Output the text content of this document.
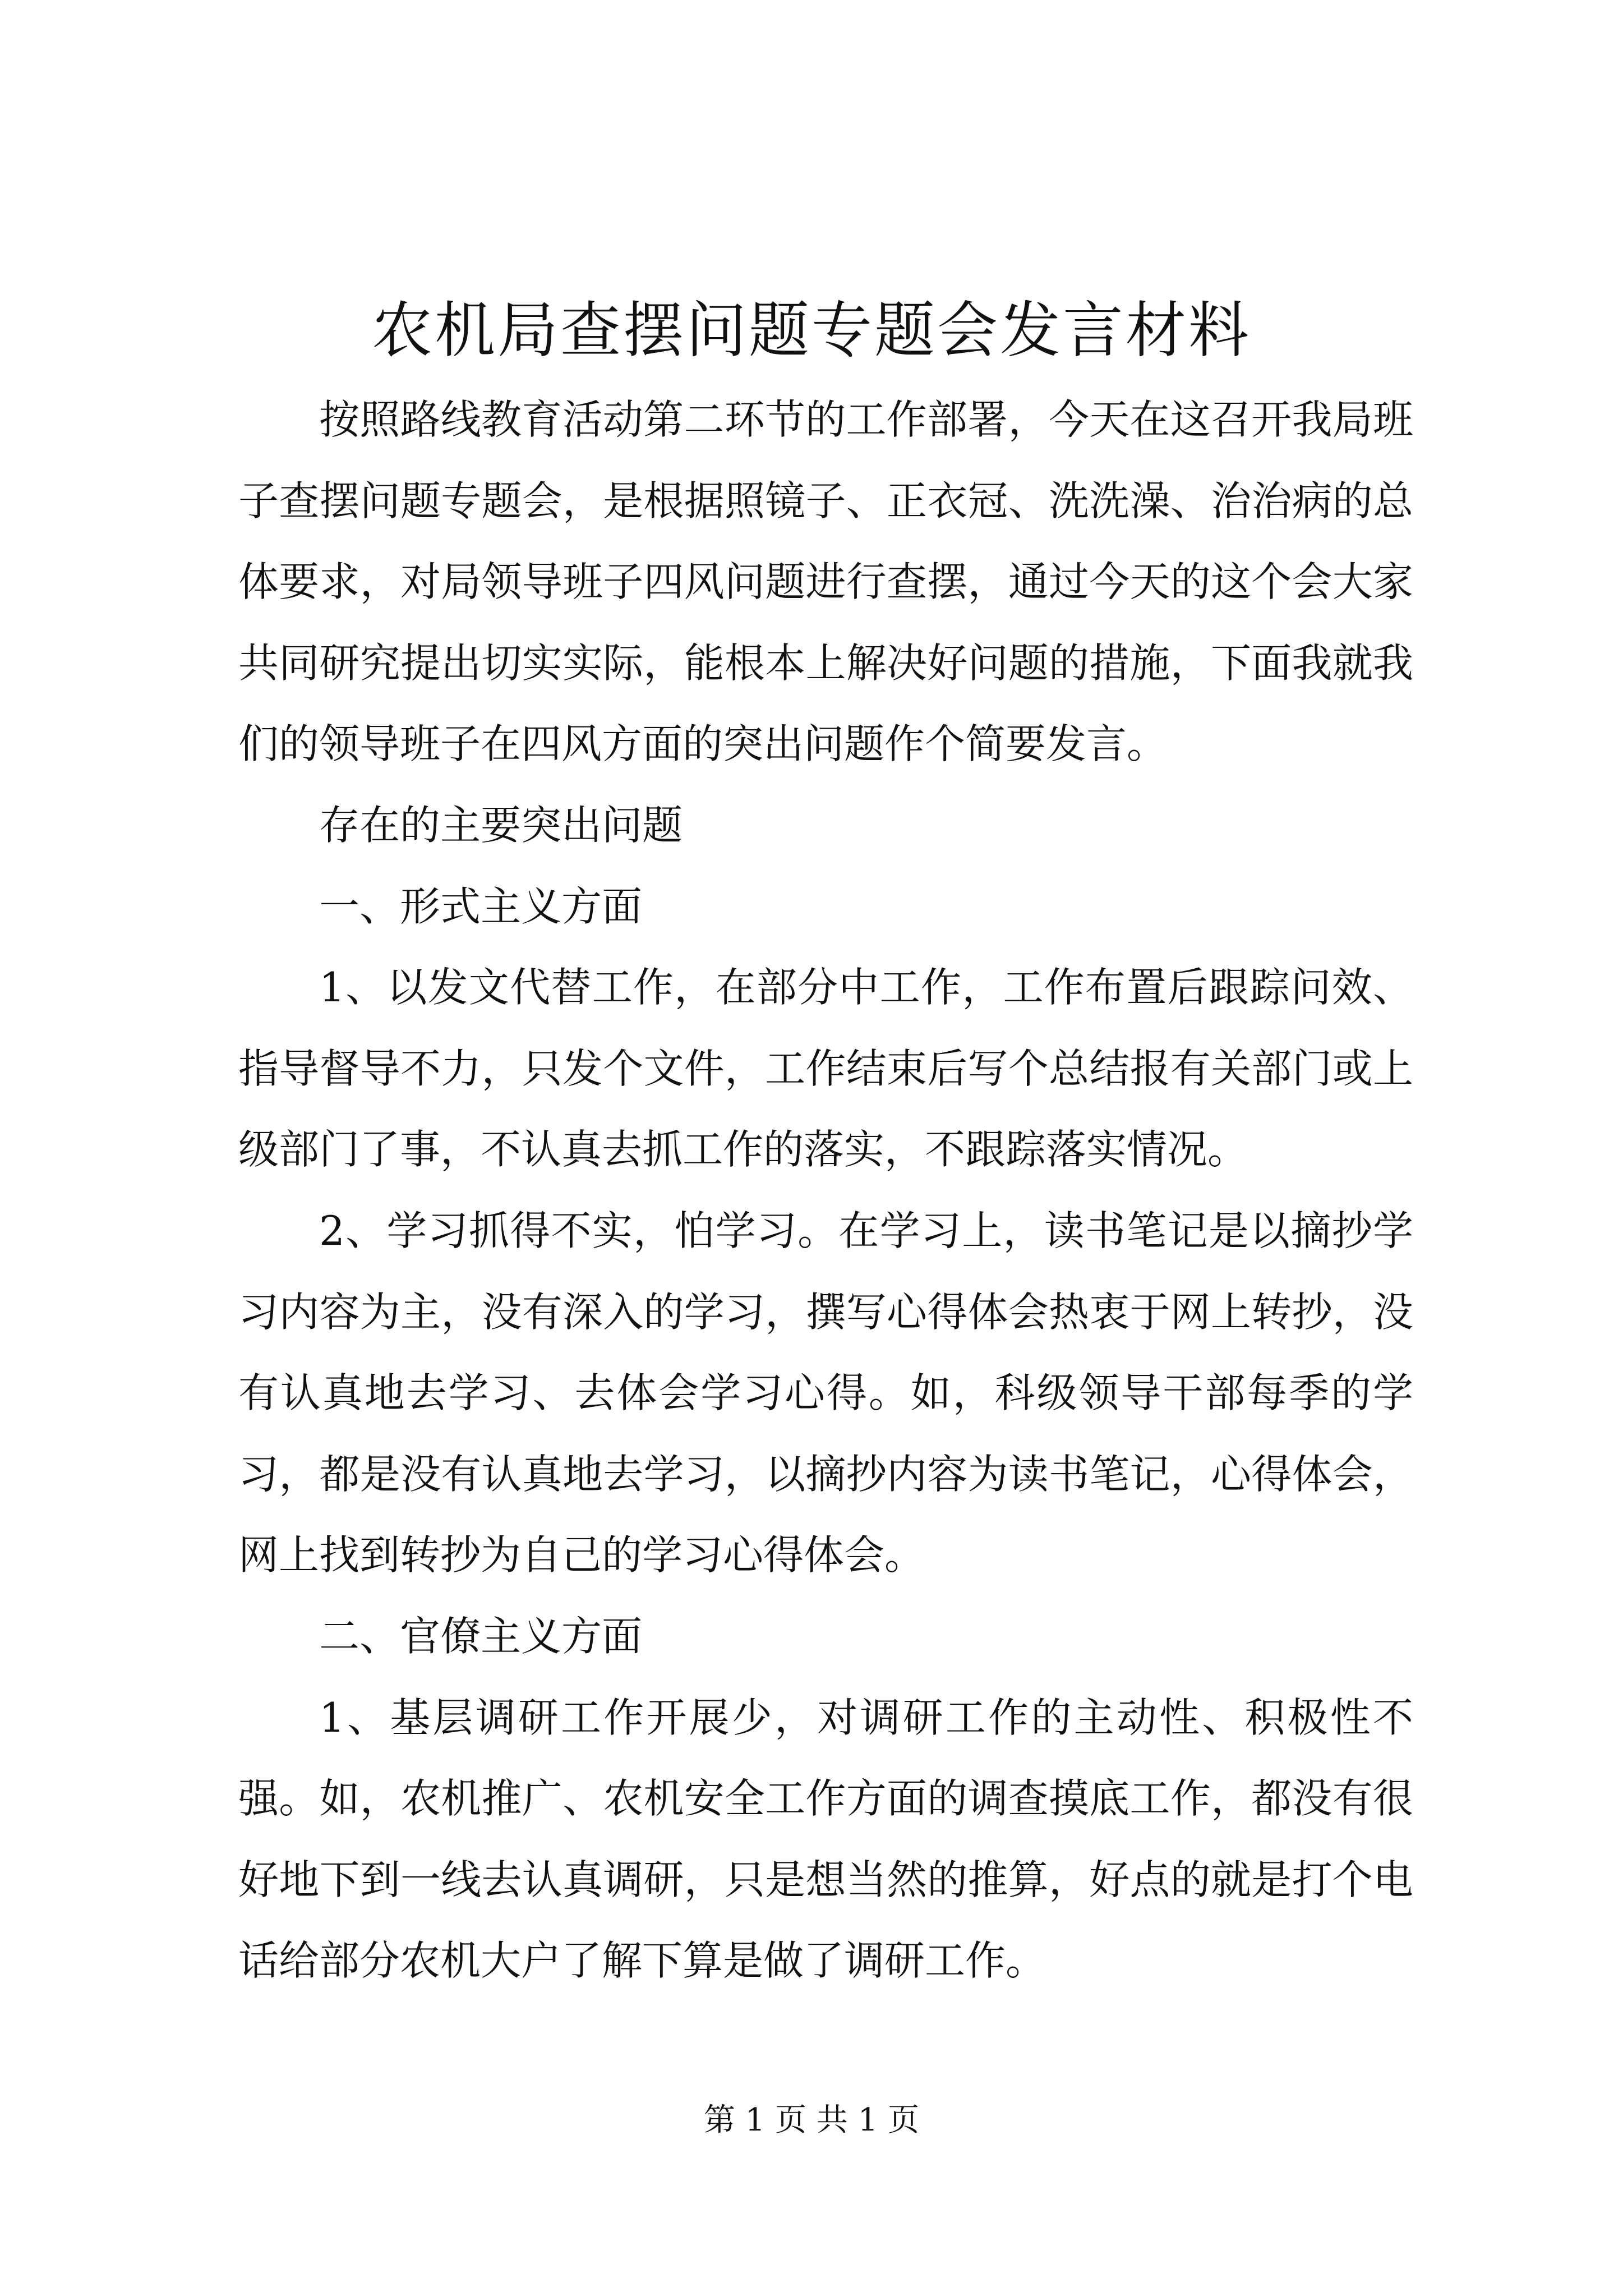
农机局查摆问题专题会发言材料

按照路线教育活动第二环节的工作部署，今天在这召开我局班子查摆问题专题会，是根据照镜子、正衣冠、洗洗澡、治治病的总体要求，对局领导班子四风问题进行查摆，通过今天的这个会大家共同研究提出切实实际，能根本上解决好问题的措施，下面我就我们的领导班子在四风方面的突出问题作个简要发言。

存在的主要突出问题

一、形式主义方面

1、以发文代替工作，在部分中工作，工作布置后跟踪问效、指导督导不力，只发个文件，工作结束后写个总结报有关部门或上级部门了事，不认真去抓工作的落实，不跟踪落实情况。

2、学习抓得不实，怕学习。在学习上，读书笔记是以摘抄学习内容为主，没有深入的学习，撰写心得体会热衷于网上转抄，没有认真地去学习、去体会学习心得。如，科级领导干部每季的学习，都是没有认真地去学习，以摘抄内容为读书笔记，心得体会，网上找到转抄为自己的学习心得体会。

二、官僚主义方面

1、基层调研工作开展少，对调研工作的主动性、积极性不强。如，农机推广、农机安全工作方面的调查摸底工作，都没有很好地下到一线去认真调研，只是想当然的推算，好点的就是打个电话给部分农机大户了解下算是做了调研工作。

第 1 页 共 1 页
